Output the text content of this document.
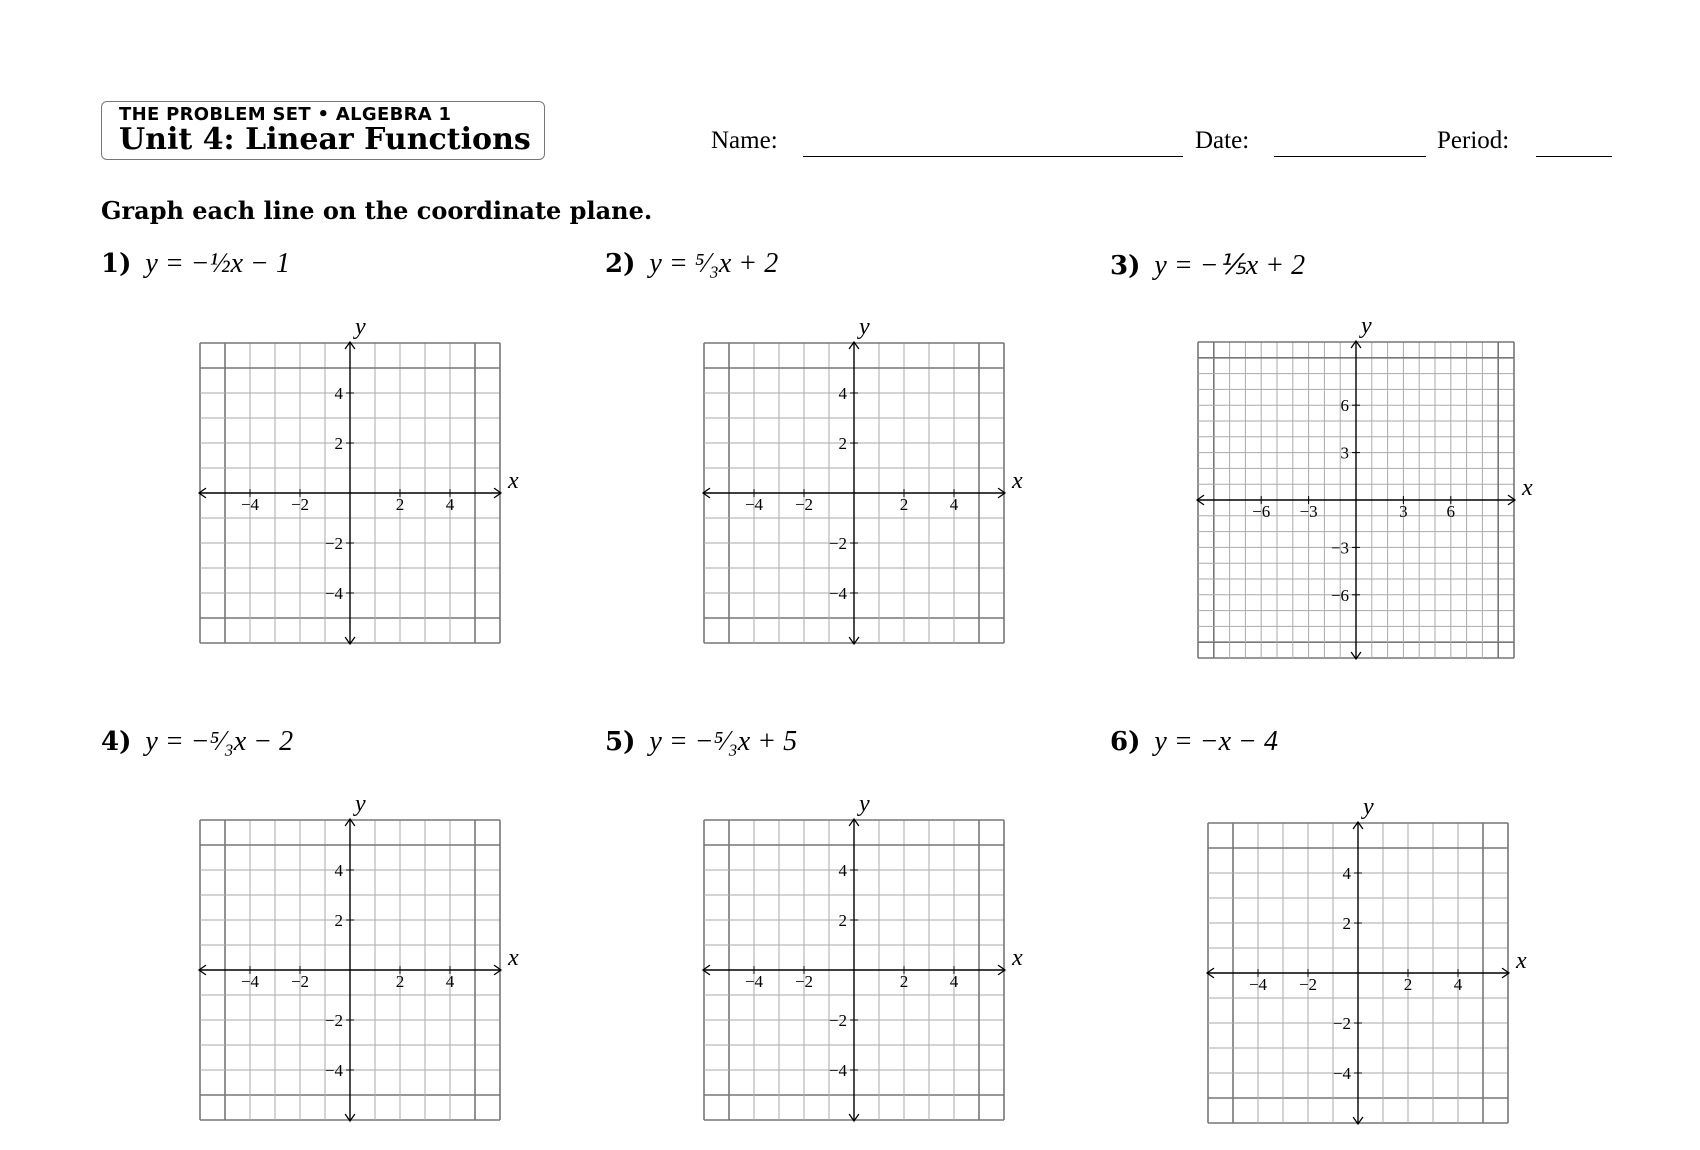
THE PROBLEM SET • ALGEBRA 1
Unit 4: Linear Functions	Name:	Date:	Period:
Graph each line on the coordinate plane.
1) y = −½x − 1	2) y = ⁵⁄₃x + 2	3) y = −⅕x + 2
4) y = −⁵⁄₃x − 2	5) y = −⁵⁄₃x + 5	6) y = −x − 4
x
y
−4 −2	2 4
4
2
−2
−4
x
y
−4 −2	2 4
4
2
−2
−4
x
y
−6 −3	3 6
6
3
−3
−6
x
y
−4 −2	2 4
4
2
−2
−4
x
y
−4 −2	2 4
4
2
−2
−4
x
y
−4 −2	2 4
4
2
−2
−4
